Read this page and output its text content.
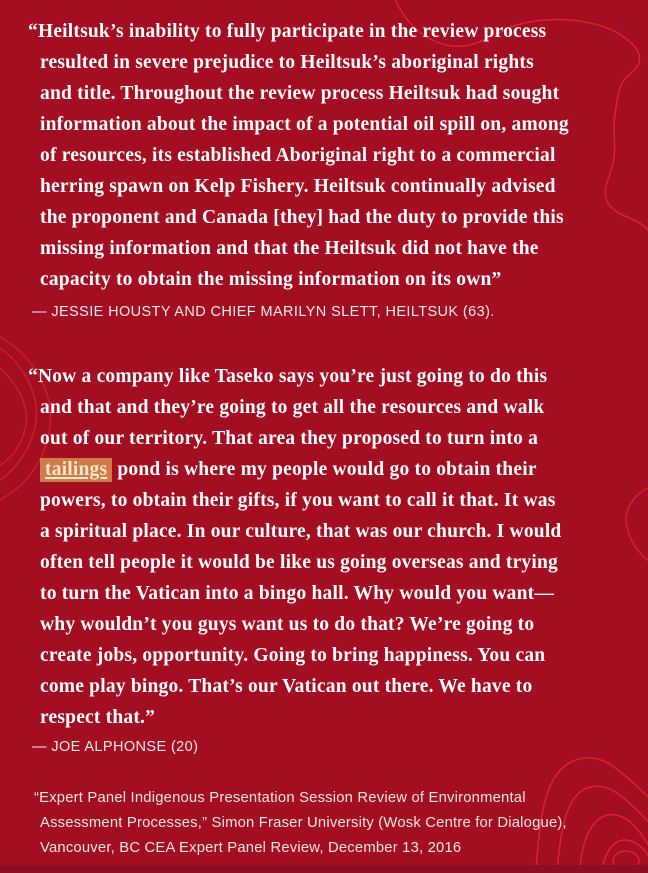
“Heiltsuk’s inability to fully participate in the review process
resulted in severe prejudice to Heiltsuk’s aboriginal rights
and title. Throughout the review process Heiltsuk had sought
information about the impact of a potential oil spill on, among
of resources, its established Aboriginal right to a commercial
herring spawn on Kelp Fishery. Heiltsuk continually advised
the proponent and Canada [they] had the duty to provide this
missing information and that the Heiltsuk did not have the
capacity to obtain the missing information on its own”
— JESSIE HOUSTY AND CHIEF MARILYN SLETT, HEILTSUK (63).
“Now a company like Taseko says you’re just going to do this
and that and they’re going to get all the resources and walk
out of our territory. That area they proposed to turn into a
tailings pond is where my people would go to obtain their
powers, to obtain their gifts, if you want to call it that. It was
a spiritual place. In our culture, that was our church. I would
often tell people it would be like us going overseas and trying
to turn the Vatican into a bingo hall. Why would you want—
why wouldn’t you guys want us to do that? We’re going to
create jobs, opportunity. Going to bring happiness. You can
come play bingo. That’s our Vatican out there. We have to
respect that.”
— JOE ALPHONSE (20)
“Expert Panel Indigenous Presentation Session Review of Environmental
Assessment Processes,” Simon Fraser University (Wosk Centre for Dialogue),
Vancouver, BC CEA Expert Panel Review, December 13, 2016
